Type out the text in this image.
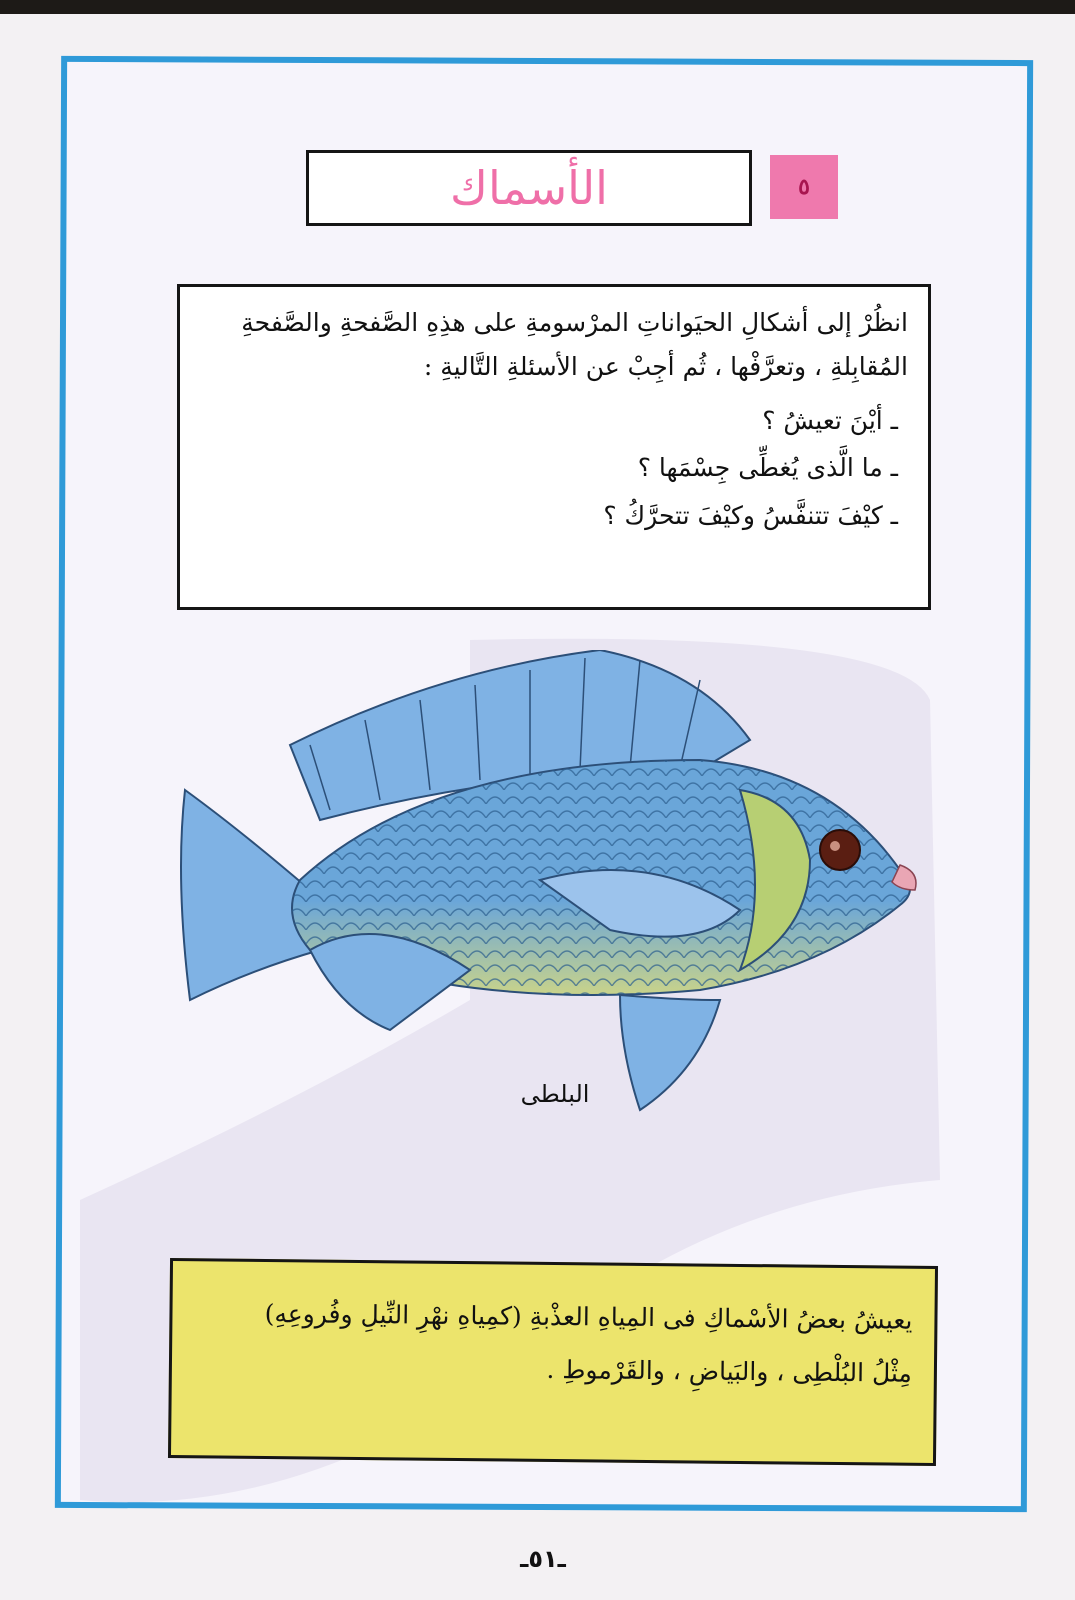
٥
الأسماك

انظُرْ إلى أشكالِ الحيَواناتِ المرْسومةِ على هذِهِ الصَّفحةِ والصَّفحةِ المُقابِلةِ ، وتعرَّفْها ، ثُم أجِبْ عن الأسئلةِ التَّاليةِ :

ـ أيْنَ تعيشُ ؟
ـ ما الَّذى يُغطِّى جِسْمَها ؟
ـ كيْفَ تتنفَّسُ وكيْفَ تتحرَّكُ ؟
البلطى
يعيشُ بعضُ الأسْماكِ فى المِياهِ العذْبةِ (كمِياهِ نهْرِ النِّيلِ وفُروعِهِ)
مِثْلُ البُلْطِى ، والبَياضِ ، والقَرْموطِ .
ـ٥١ـ
